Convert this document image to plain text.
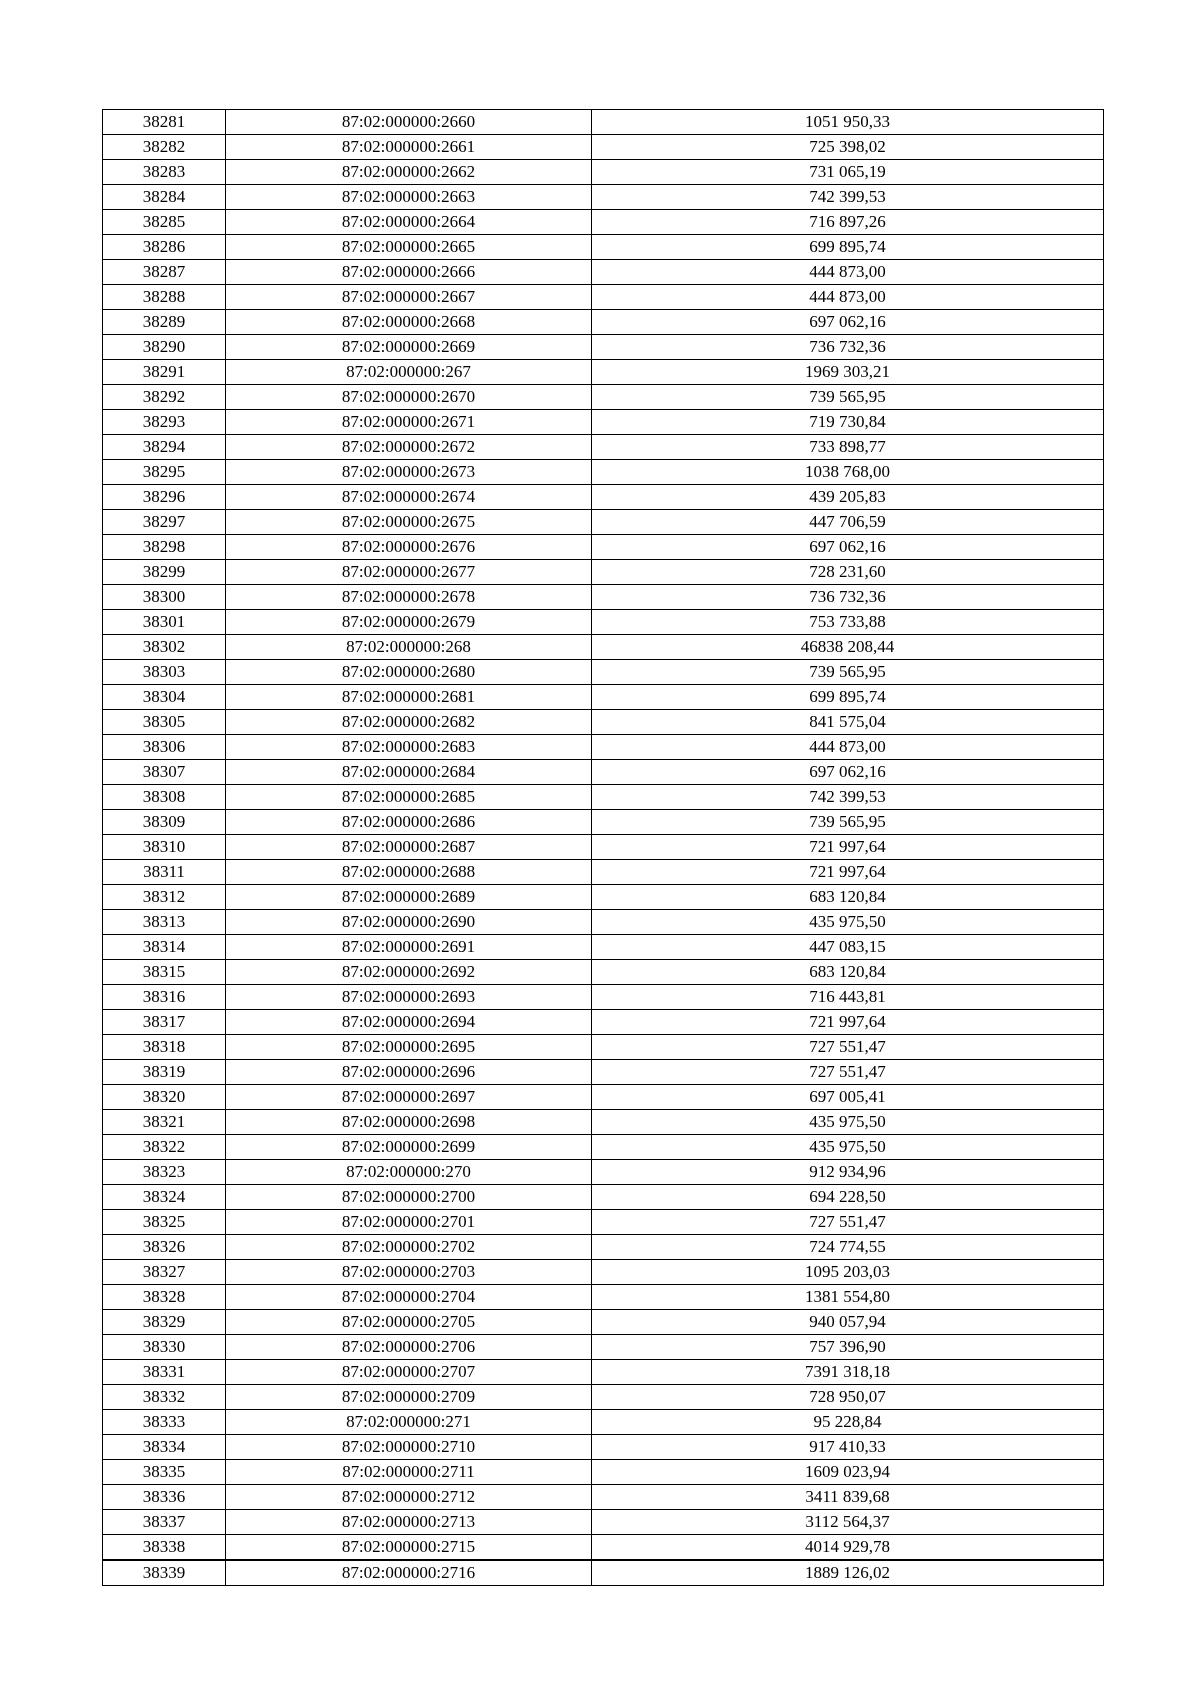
38281	87:02:000000:2660	1051 950,33
38282	87:02:000000:2661	725 398,02
38283	87:02:000000:2662	731 065,19
38284	87:02:000000:2663	742 399,53
38285	87:02:000000:2664	716 897,26
38286	87:02:000000:2665	699 895,74
38287	87:02:000000:2666	444 873,00
38288	87:02:000000:2667	444 873,00
38289	87:02:000000:2668	697 062,16
38290	87:02:000000:2669	736 732,36
38291	87:02:000000:267	1969 303,21
38292	87:02:000000:2670	739 565,95
38293	87:02:000000:2671	719 730,84
38294	87:02:000000:2672	733 898,77
38295	87:02:000000:2673	1038 768,00
38296	87:02:000000:2674	439 205,83
38297	87:02:000000:2675	447 706,59
38298	87:02:000000:2676	697 062,16
38299	87:02:000000:2677	728 231,60
38300	87:02:000000:2678	736 732,36
38301	87:02:000000:2679	753 733,88
38302	87:02:000000:268	46838 208,44
38303	87:02:000000:2680	739 565,95
38304	87:02:000000:2681	699 895,74
38305	87:02:000000:2682	841 575,04
38306	87:02:000000:2683	444 873,00
38307	87:02:000000:2684	697 062,16
38308	87:02:000000:2685	742 399,53
38309	87:02:000000:2686	739 565,95
38310	87:02:000000:2687	721 997,64
38311	87:02:000000:2688	721 997,64
38312	87:02:000000:2689	683 120,84
38313	87:02:000000:2690	435 975,50
38314	87:02:000000:2691	447 083,15
38315	87:02:000000:2692	683 120,84
38316	87:02:000000:2693	716 443,81
38317	87:02:000000:2694	721 997,64
38318	87:02:000000:2695	727 551,47
38319	87:02:000000:2696	727 551,47
38320	87:02:000000:2697	697 005,41
38321	87:02:000000:2698	435 975,50
38322	87:02:000000:2699	435 975,50
38323	87:02:000000:270	912 934,96
38324	87:02:000000:2700	694 228,50
38325	87:02:000000:2701	727 551,47
38326	87:02:000000:2702	724 774,55
38327	87:02:000000:2703	1095 203,03
38328	87:02:000000:2704	1381 554,80
38329	87:02:000000:2705	940 057,94
38330	87:02:000000:2706	757 396,90
38331	87:02:000000:2707	7391 318,18
38332	87:02:000000:2709	728 950,07
38333	87:02:000000:271	95 228,84
38334	87:02:000000:2710	917 410,33
38335	87:02:000000:2711	1609 023,94
38336	87:02:000000:2712	3411 839,68
38337	87:02:000000:2713	3112 564,37
38338	87:02:000000:2715	4014 929,78
38339	87:02:000000:2716	1889 126,02
